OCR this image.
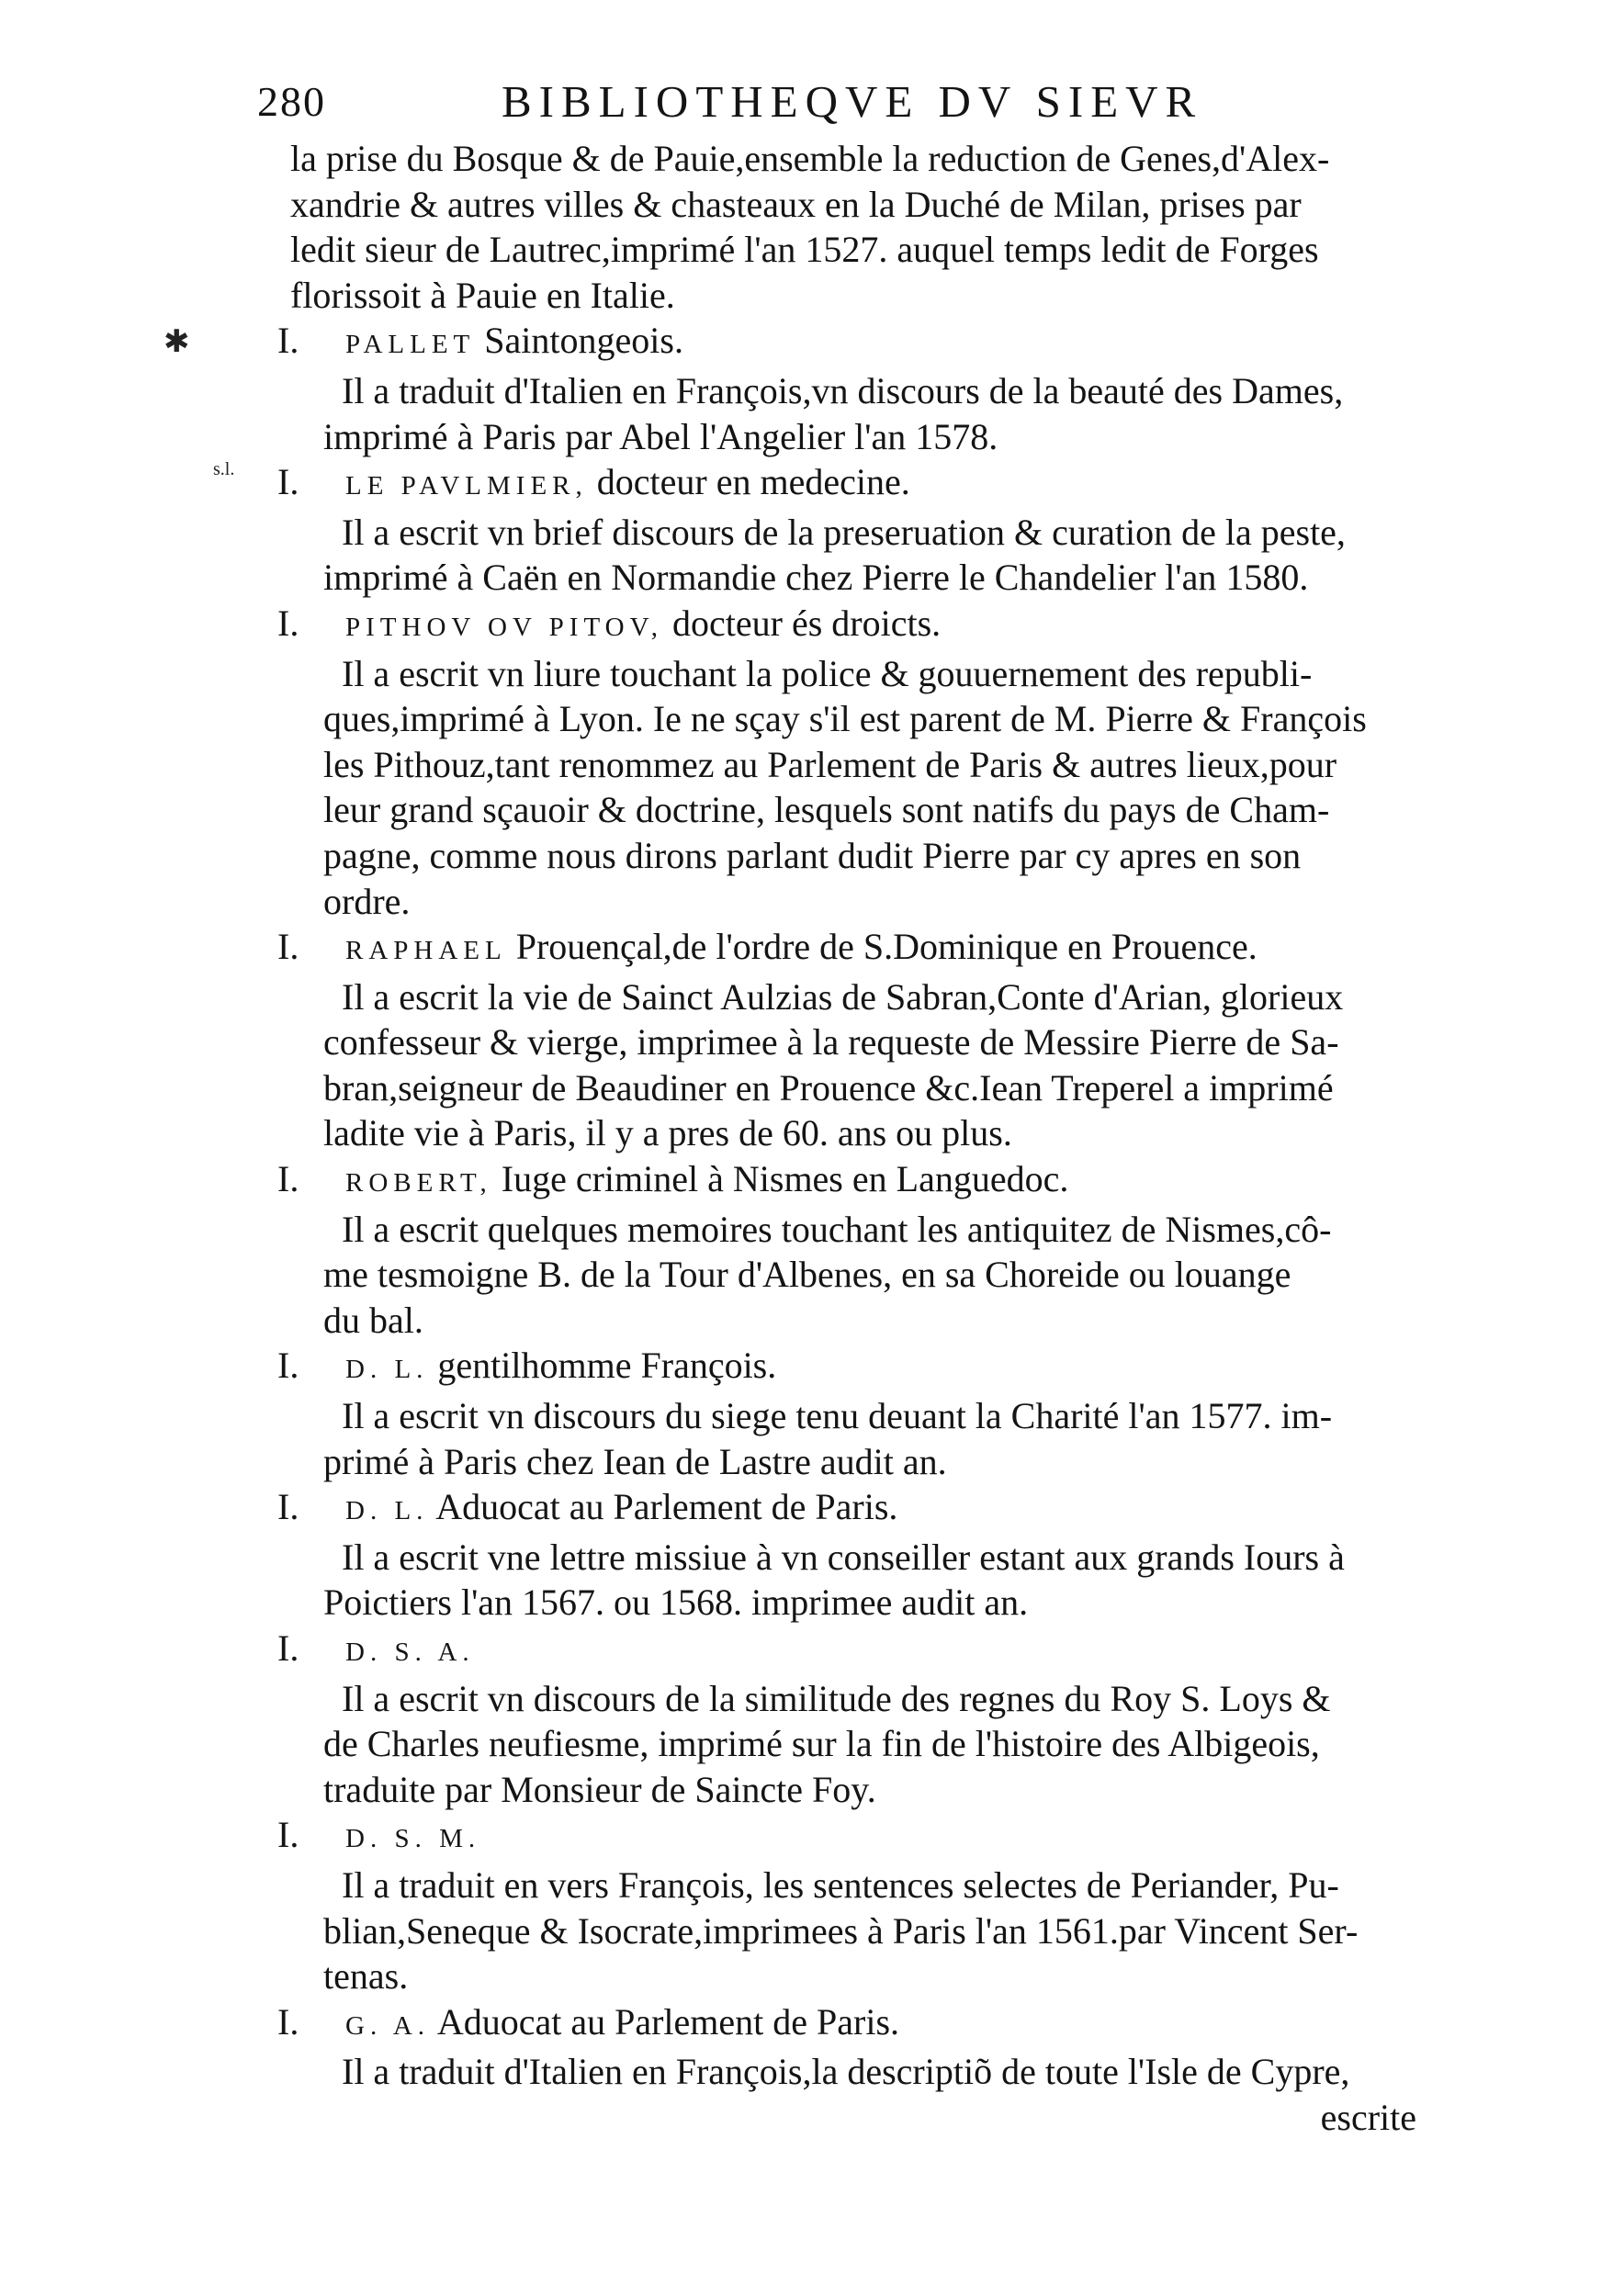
280	BIBLIOTHEQVE DV SIEVR
✱
s.l.
la prise du Bosque & de Pauie,ensemble la reduction de Genes,d'Alex-
xandrie & autres villes & chasteaux en la Duché de Milan, prises par
ledit sieur de Lautrec,imprimé l'an 1527. auquel temps ledit de Forges
florissoit à Pauie en Italie.
I. PALLET Saintongeois.
Il a traduit d'Italien en François,vn discours de la beauté des Dames,
imprimé à Paris par Abel l'Angelier l'an 1578.
I. LE PAVLMIER, docteur en medecine.
Il a escrit vn brief discours de la preseruation & curation de la peste,
imprimé à Caën en Normandie chez Pierre le Chandelier l'an 1580.
I. PITHOV OV PITOV, docteur és droicts.
Il a escrit vn liure touchant la police & gouuernement des republi-
ques,imprimé à Lyon. Ie ne sçay s'il est parent de M. Pierre & François
les Pithouz,tant renommez au Parlement de Paris & autres lieux,pour
leur grand sçauoir & doctrine, lesquels sont natifs du pays de Cham-
pagne, comme nous dirons parlant dudit Pierre par cy apres en son
ordre.
I. RAPHAEL Prouençal,de l'ordre de S.Dominique en Prouence.
Il a escrit la vie de Sainct Aulzias de Sabran,Conte d'Arian, glorieux
confesseur & vierge, imprimee à la requeste de Messire Pierre de Sa-
bran,seigneur de Beaudiner en Prouence &c.Iean Treperel a imprimé
ladite vie à Paris, il y a pres de 60. ans ou plus.
I. ROBERT, Iuge criminel à Nismes en Languedoc.
Il a escrit quelques memoires touchant les antiquitez de Nismes,cô-
me tesmoigne B. de la Tour d'Albenes, en sa Choreide ou louange
du bal.
I. D. L. gentilhomme François.
Il a escrit vn discours du siege tenu deuant la Charité l'an 1577. im-
primé à Paris chez Iean de Lastre audit an.
I. D. L. Aduocat au Parlement de Paris.
Il a escrit vne lettre missiue à vn conseiller estant aux grands Iours à
Poictiers l'an 1567. ou 1568. imprimee audit an.
I. D. S. A.
Il a escrit vn discours de la similitude des regnes du Roy S. Loys &
de Charles neufiesme, imprimé sur la fin de l'histoire des Albigeois,
traduite par Monsieur de Saincte Foy.
I. D. S. M.
Il a traduit en vers François, les sentences selectes de Periander, Pu-
blian,Seneque & Isocrate,imprimees à Paris l'an 1561.par Vincent Ser-
tenas.
I. G. A. Aduocat au Parlement de Paris.
Il a traduit d'Italien en François,la descriptiõ de toute l'Isle de Cypre,
escrite
